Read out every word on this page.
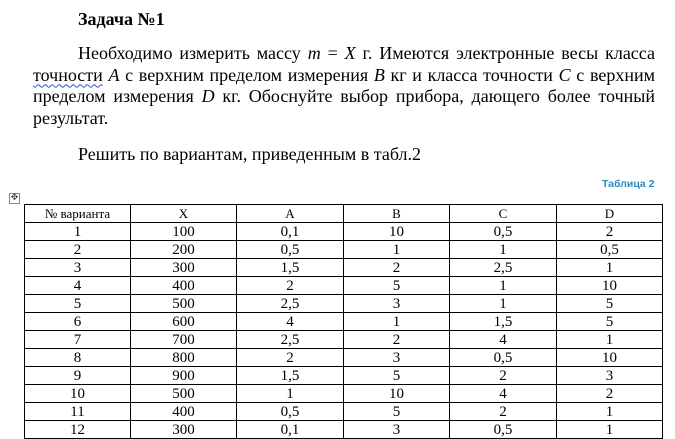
Задача №1
Необходимо измерить массу m = X г. Имеются электронные весы класса точности A с верхним пределом измерения B кг и класса точности C с верхним пределом измерения D кг. Обоснуйте выбор прибора, дающего более точный результат.
Решить по вариантам, приведенным в табл.2
Таблица 2
✥
№ варианта	X	A	B	C	D
1	100	0,1	10	0,5	2
2	200	0,5	1	1	0,5
3	300	1,5	2	2,5	1
4	400	2	5	1	10
5	500	2,5	3	1	5
6	600	4	1	1,5	5
7	700	2,5	2	4	1
8	800	2	3	0,5	10
9	900	1,5	5	2	3
10	500	1	10	4	2
11	400	0,5	5	2	1
12	300	0,1	3	0,5	1
